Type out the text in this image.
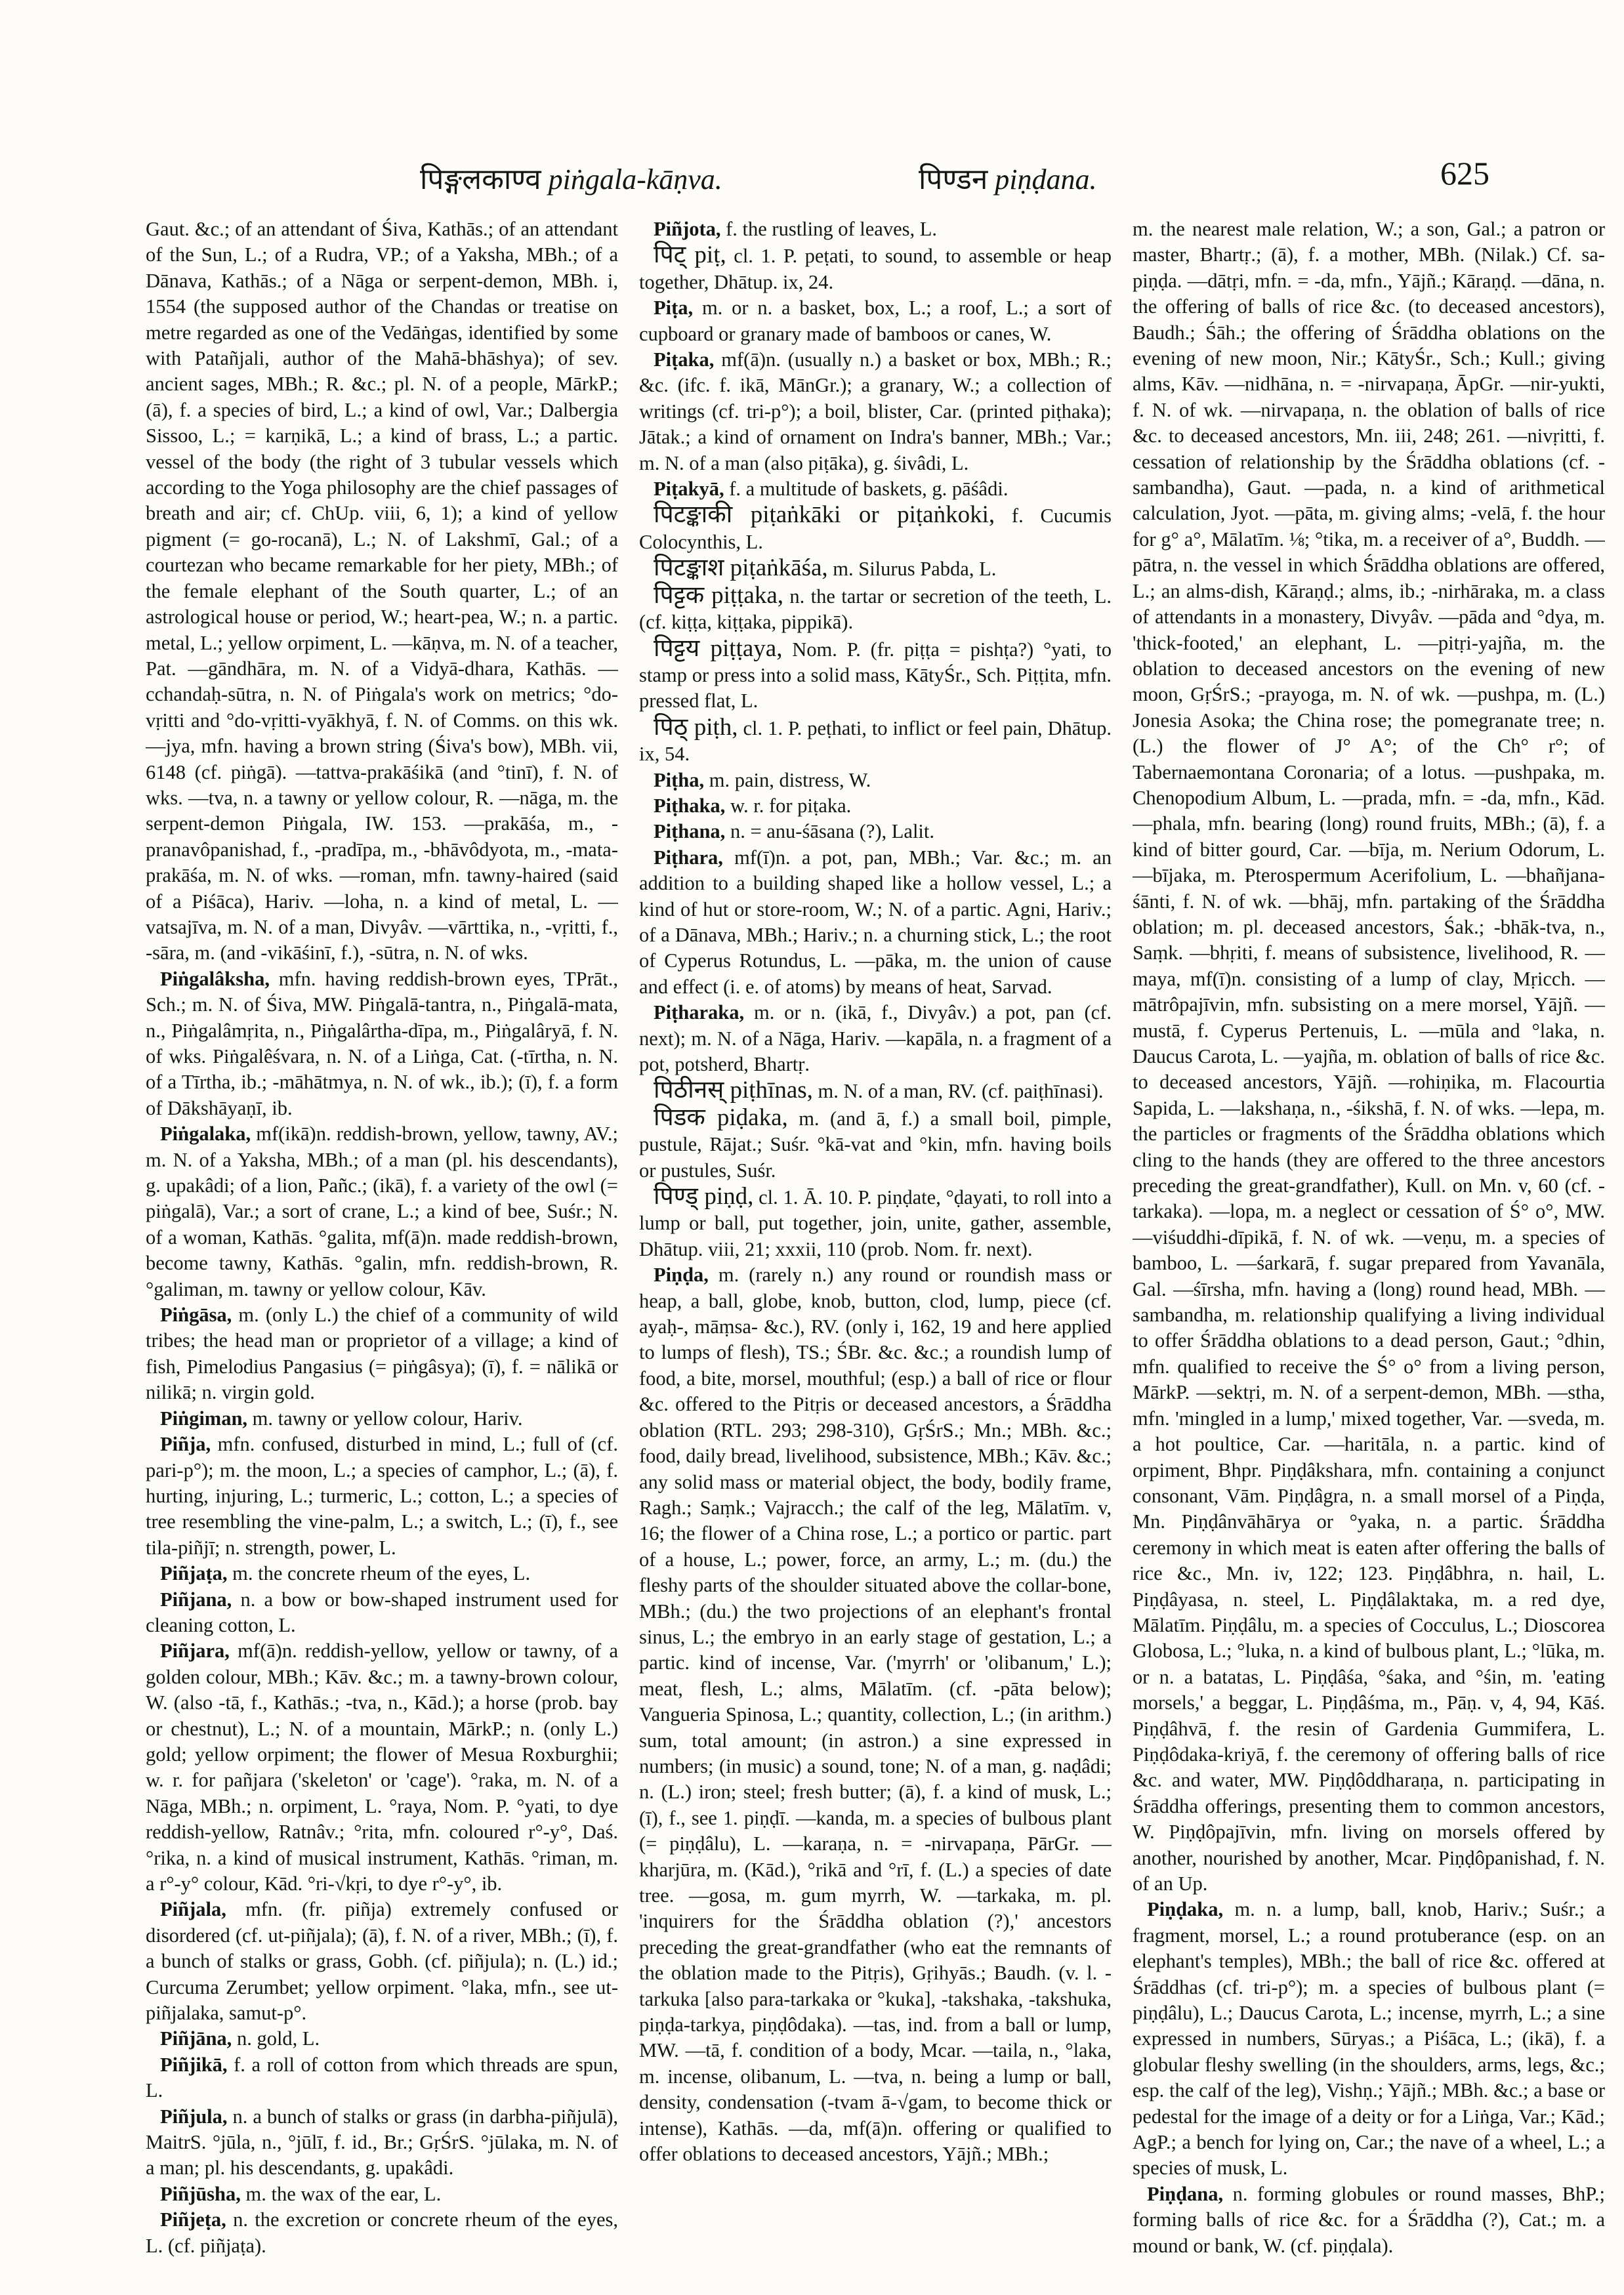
पिङ्गलकाण्व piṅgala-kāṇva.	पिण्डन piṇḍana.	625

Gaut. &c.; of an attendant of Śiva, Kathās.; of an attendant of the Sun, L.; of a Rudra, VP.; of a Yaksha, MBh.; of a Dānava, Kathās.; of a Nāga or serpent-demon, MBh. i, 1554 (the supposed author of the Chandas or treatise on metre regarded as one of the Vedāṅgas, identified by some with Patañjali, author of the Mahā-bhāshya); of sev. ancient sages, MBh.; R. &c.; pl. N. of a people, MārkP.; (ā), f. a species of bird, L.; a kind of owl, Var.; Dalbergia Sissoo, L.; = karṇikā, L.; a kind of brass, L.; a partic. vessel of the body (the right of 3 tubular vessels which according to the Yoga philosophy are the chief passages of breath and air; cf. ChUp. viii, 6, 1); a kind of yellow pigment (= go-rocanā), L.; N. of Lakshmī, Gal.; of a courtezan who became remarkable for her piety, MBh.; of the female elephant of the South quarter, L.; of an astrological house or period, W.; heart-pea, W.; n. a partic. metal, L.; yellow orpiment, L. —kāṇva, m. N. of a teacher, Pat. —gāndhāra, m. N. of a Vidyā-dhara, Kathās. —cchandaḥ-sūtra, n. N. of Piṅgala's work on metrics; °do-vṛitti and °do-vṛitti-vyākhyā, f. N. of Comms. on this wk. —jya, mfn. having a brown string (Śiva's bow), MBh. vii, 6148 (cf. piṅgā). —tattva-prakāśikā (and °tinī), f. N. of wks. —tva, n. a tawny or yellow colour, R. —nāga, m. the serpent-demon Piṅgala, IW. 153. —prakāśa, m., -pranavôpanishad, f., -pradīpa, m., -bhāvôdyota, m., -mata-prakāśa, m. N. of wks. —roman, mfn. tawny-haired (said of a Piśāca), Hariv. —loha, n. a kind of metal, L. —vatsajīva, m. N. of a man, Divyâv. —vārttika, n., -vṛitti, f., -sāra, m. (and -vikāśinī, f.), -sūtra, n. N. of wks.

Piṅgalâksha, mfn. having reddish-brown eyes, TPrāt., Sch.; m. N. of Śiva, MW. Piṅgalā-tantra, n., Piṅgalā-mata, n., Piṅgalâmṛita, n., Piṅgalârtha-dīpa, m., Piṅgalâryā, f. N. of wks. Piṅgalêśvara, n. N. of a Liṅga, Cat. (-tīrtha, n. N. of a Tīrtha, ib.; -māhātmya, n. N. of wk., ib.); (ī), f. a form of Dākshāyaṇī, ib.

Piṅgalaka, mf(ikā)n. reddish-brown, yellow, tawny, AV.; m. N. of a Yaksha, MBh.; of a man (pl. his descendants), g. upakâdi; of a lion, Pañc.; (ikā), f. a variety of the owl (= piṅgalā), Var.; a sort of crane, L.; a kind of bee, Suśr.; N. of a woman, Kathās. °galita, mf(ā)n. made reddish-brown, become tawny, Kathās. °galin, mfn. reddish-brown, R. °galiman, m. tawny or yellow colour, Kāv.

Piṅgāsa, m. (only L.) the chief of a community of wild tribes; the head man or proprietor of a village; a kind of fish, Pimelodius Pangasius (= piṅgâsya); (ī), f. = nālikā or nilikā; n. virgin gold.

Piṅgiman, m. tawny or yellow colour, Hariv.

Piñja, mfn. confused, disturbed in mind, L.; full of (cf. pari-p°); m. the moon, L.; a species of camphor, L.; (ā), f. hurting, injuring, L.; turmeric, L.; cotton, L.; a species of tree resembling the vine-palm, L.; a switch, L.; (ī), f., see tila-piñjī; n. strength, power, L.

Piñjaṭa, m. the concrete rheum of the eyes, L.

Piñjana, n. a bow or bow-shaped instrument used for cleaning cotton, L.

Piñjara, mf(ā)n. reddish-yellow, yellow or tawny, of a golden colour, MBh.; Kāv. &c.; m. a tawny-brown colour, W. (also -tā, f., Kathās.; -tva, n., Kād.); a horse (prob. bay or chestnut), L.; N. of a mountain, MārkP.; n. (only L.) gold; yellow orpiment; the flower of Mesua Roxburghii; w. r. for pañjara ('skeleton' or 'cage'). °raka, m. N. of a Nāga, MBh.; n. orpiment, L. °raya, Nom. P. °yati, to dye reddish-yellow, Ratnâv.; °rita, mfn. coloured r°-y°, Daś. °rika, n. a kind of musical instrument, Kathās. °riman, m. a r°-y° colour, Kād. °ri-√kṛi, to dye r°-y°, ib.

Piñjala, mfn. (fr. piñja) extremely confused or disordered (cf. ut-piñjala); (ā), f. N. of a river, MBh.; (ī), f. a bunch of stalks or grass, Gobh. (cf. piñjula); n. (L.) id.; Curcuma Zerumbet; yellow orpiment. °laka, mfn., see ut-piñjalaka, samut-p°.

Piñjāna, n. gold, L.

Piñjikā, f. a roll of cotton from which threads are spun, L.

Piñjula, n. a bunch of stalks or grass (in darbha-piñjulā), MaitrS. °jūla, n., °jūlī, f. id., Br.; GṛŚrS. °jūlaka, m. N. of a man; pl. his descendants, g. upakâdi.

Piñjūsha, m. the wax of the ear, L.

Piñjeṭa, n. the excretion or concrete rheum of the eyes, L. (cf. piñjaṭa).

Piñjota, f. the rustling of leaves, L.

पिट् piṭ, cl. 1. P. peṭati, to sound, to assemble or heap together, Dhātup. ix, 24.

Piṭa, m. or n. a basket, box, L.; a roof, L.; a sort of cupboard or granary made of bamboos or canes, W.

Piṭaka, mf(ā)n. (usually n.) a basket or box, MBh.; R.; &c. (ifc. f. ikā, MānGr.); a granary, W.; a collection of writings (cf. tri-p°); a boil, blister, Car. (printed piṭhaka); Jātak.; a kind of ornament on Indra's banner, MBh.; Var.; m. N. of a man (also piṭāka), g. śivâdi, L.

Piṭakyā, f. a multitude of baskets, g. pāśâdi.

पिटङ्काकी piṭaṅkāki or piṭaṅkoki, f. Cucumis Colocynthis, L.

पिटङ्काश piṭaṅkāśa, m. Silurus Pabda, L.

पिट्टक piṭṭaka, n. the tartar or secretion of the teeth, L. (cf. kiṭṭa, kiṭṭaka, pippikā).

पिट्टय piṭṭaya, Nom. P. (fr. piṭṭa = pishṭa?) °yati, to stamp or press into a solid mass, KātyŚr., Sch. Piṭṭita, mfn. pressed flat, L.

पिठ् piṭh, cl. 1. P. peṭhati, to inflict or feel pain, Dhātup. ix, 54.

Piṭha, m. pain, distress, W.

Piṭhaka, w. r. for piṭaka.

Piṭhana, n. = anu-śāsana (?), Lalit.

Piṭhara, mf(ī)n. a pot, pan, MBh.; Var. &c.; m. an addition to a building shaped like a hollow vessel, L.; a kind of hut or store-room, W.; N. of a partic. Agni, Hariv.; of a Dānava, MBh.; Hariv.; n. a churning stick, L.; the root of Cyperus Rotundus, L. —pāka, m. the union of cause and effect (i. e. of atoms) by means of heat, Sarvad.

Piṭharaka, m. or n. (ikā, f., Divyâv.) a pot, pan (cf. next); m. N. of a Nāga, Hariv. —kapāla, n. a fragment of a pot, potsherd, Bhartṛ.

पिठीनस् piṭhīnas, m. N. of a man, RV. (cf. paiṭhīnasi).

पिडक piḍaka, m. (and ā, f.) a small boil, pimple, pustule, Rājat.; Suśr. °kā-vat and °kin, mfn. having boils or pustules, Suśr.

पिण्ड् piṇḍ, cl. 1. Ā. 10. P. piṇḍate, °ḍayati, to roll into a lump or ball, put together, join, unite, gather, assemble, Dhātup. viii, 21; xxxii, 110 (prob. Nom. fr. next).

Piṇḍa, m. (rarely n.) any round or roundish mass or heap, a ball, globe, knob, button, clod, lump, piece (cf. ayaḥ-, māṃsa- &c.), RV. (only i, 162, 19 and here applied to lumps of flesh), TS.; ŚBr. &c. &c.; a roundish lump of food, a bite, morsel, mouthful; (esp.) a ball of rice or flour &c. offered to the Pitṛis or deceased ancestors, a Śrāddha oblation (RTL. 293; 298-310), GṛŚrS.; Mn.; MBh. &c.; food, daily bread, livelihood, subsistence, MBh.; Kāv. &c.; any solid mass or material object, the body, bodily frame, Ragh.; Saṃk.; Vajracch.; the calf of the leg, Mālatīm. v, 16; the flower of a China rose, L.; a portico or partic. part of a house, L.; power, force, an army, L.; m. (du.) the fleshy parts of the shoulder situated above the collar-bone, MBh.; (du.) the two projections of an elephant's frontal sinus, L.; the embryo in an early stage of gestation, L.; a partic. kind of incense, Var. ('myrrh' or 'olibanum,' L.); meat, flesh, L.; alms, Mālatīm. (cf. -pāta below); Vangueria Spinosa, L.; quantity, collection, L.; (in arithm.) sum, total amount; (in astron.) a sine expressed in numbers; (in music) a sound, tone; N. of a man, g. naḍâdi; n. (L.) iron; steel; fresh butter; (ā), f. a kind of musk, L.; (ī), f., see 1. piṇḍī. —kanda, m. a species of bulbous plant (= piṇḍâlu), L. —karaṇa, n. = -nirvapaṇa, PārGr. —kharjūra, m. (Kād.), °rikā and °rī, f. (L.) a species of date tree. —gosa, m. gum myrrh, W. —tarkaka, m. pl. 'inquirers for the Śrāddha oblation (?),' ancestors preceding the great-grandfather (who eat the remnants of the oblation made to the Pitṛis), Gṛihyās.; Baudh. (v. l. -tarkuka [also para-tarkaka or °kuka], -takshaka, -takshuka, piṇḍa-tarkya, piṇḍôdaka). —tas, ind. from a ball or lump, MW. —tā, f. condition of a body, Mcar. —taila, n., °laka, m. incense, olibanum, L. —tva, n. being a lump or ball, density, condensation (-tvam ā-√gam, to become thick or intense), Kathās. —da, mf(ā)n. offering or qualified to offer oblations to deceased ancestors, Yājñ.; MBh.;

m. the nearest male relation, W.; a son, Gal.; a patron or master, Bhartṛ.; (ā), f. a mother, MBh. (Nilak.) Cf. sa-piṇḍa. —dātṛi, mfn. = -da, mfn., Yājñ.; Kāraṇḍ. —dāna, n. the offering of balls of rice &c. (to deceased ancestors), Baudh.; Śāh.; the offering of Śrāddha oblations on the evening of new moon, Nir.; KātyŚr., Sch.; Kull.; giving alms, Kāv. —nidhāna, n. = -nirvapaṇa, ĀpGr. —nir-yukti, f. N. of wk. —nirvapaṇa, n. the oblation of balls of rice &c. to deceased ancestors, Mn. iii, 248; 261. —nivṛitti, f. cessation of relationship by the Śrāddha oblations (cf. -sambandha), Gaut. —pada, n. a kind of arithmetical calculation, Jyot. —pāta, m. giving alms; -velā, f. the hour for g° a°, Mālatīm. ⅛; °tika, m. a receiver of a°, Buddh. —pātra, n. the vessel in which Śrāddha oblations are offered, L.; an alms-dish, Kāraṇḍ.; alms, ib.; -nirhāraka, m. a class of attendants in a monastery, Divyâv. —pāda and °dya, m. 'thick-footed,' an elephant, L. —pitṛi-yajña, m. the oblation to deceased ancestors on the evening of new moon, GṛŚrS.; -prayoga, m. N. of wk. —pushpa, m. (L.) Jonesia Asoka; the China rose; the pomegranate tree; n. (L.) the flower of J° A°; of the Ch° r°; of Tabernaemontana Coronaria; of a lotus. —pushpaka, m. Chenopodium Album, L. —prada, mfn. = -da, mfn., Kād. —phala, mfn. bearing (long) round fruits, MBh.; (ā), f. a kind of bitter gourd, Car. —bīja, m. Nerium Odorum, L. —bījaka, m. Pterospermum Acerifolium, L. —bhañjana-śānti, f. N. of wk. —bhāj, mfn. partaking of the Śrāddha oblation; m. pl. deceased ancestors, Śak.; -bhāk-tva, n., Saṃk. —bhṛiti, f. means of subsistence, livelihood, R. —maya, mf(ī)n. consisting of a lump of clay, Mṛicch. —mātrôpajīvin, mfn. subsisting on a mere morsel, Yājñ. —mustā, f. Cyperus Pertenuis, L. —mūla and °laka, n. Daucus Carota, L. —yajña, m. oblation of balls of rice &c. to deceased ancestors, Yājñ. —rohiṇika, m. Flacourtia Sapida, L. —lakshaṇa, n., -śikshā, f. N. of wks. —lepa, m. the particles or fragments of the Śrāddha oblations which cling to the hands (they are offered to the three ancestors preceding the great-grandfather), Kull. on Mn. v, 60 (cf. -tarkaka). —lopa, m. a neglect or cessation of Ś° o°, MW. —viśuddhi-dīpikā, f. N. of wk. —veṇu, m. a species of bamboo, L. —śarkarā, f. sugar prepared from Yavanāla, Gal. —śīrsha, mfn. having a (long) round head, MBh. —sambandha, m. relationship qualifying a living individual to offer Śrāddha oblations to a dead person, Gaut.; °dhin, mfn. qualified to receive the Ś° o° from a living person, MārkP. —sektṛi, m. N. of a serpent-demon, MBh. —stha, mfn. 'mingled in a lump,' mixed together, Var. —sveda, m. a hot poultice, Car. —haritāla, n. a partic. kind of orpiment, Bhpr. Piṇḍâkshara, mfn. containing a conjunct consonant, Vām. Piṇḍâgra, n. a small morsel of a Piṇḍa, Mn. Piṇḍânvāhārya or °yaka, n. a partic. Śrāddha ceremony in which meat is eaten after offering the balls of rice &c., Mn. iv, 122; 123. Piṇḍâbhra, n. hail, L. Piṇḍâyasa, n. steel, L. Piṇḍâlaktaka, m. a red dye, Mālatīm. Piṇḍâlu, m. a species of Cocculus, L.; Dioscorea Globosa, L.; °luka, n. a kind of bulbous plant, L.; °lūka, m. or n. a batatas, L. Piṇḍâśa, °śaka, and °śin, m. 'eating morsels,' a beggar, L. Piṇḍâśma, m., Pāṇ. v, 4, 94, Kāś. Piṇḍâhvā, f. the resin of Gardenia Gummifera, L. Piṇḍôdaka-kriyā, f. the ceremony of offering balls of rice &c. and water, MW. Piṇḍôddharaṇa, n. participating in Śrāddha offerings, presenting them to common ancestors, W. Piṇḍôpajīvin, mfn. living on morsels offered by another, nourished by another, Mcar. Piṇḍôpanishad, f. N. of an Up.

Piṇḍaka, m. n. a lump, ball, knob, Hariv.; Suśr.; a fragment, morsel, L.; a round protuberance (esp. on an elephant's temples), MBh.; the ball of rice &c. offered at Śrāddhas (cf. tri-p°); m. a species of bulbous plant (= piṇḍâlu), L.; Daucus Carota, L.; incense, myrrh, L.; a sine expressed in numbers, Sūryas.; a Piśāca, L.; (ikā), f. a globular fleshy swelling (in the shoulders, arms, legs, &c.; esp. the calf of the leg), Vishṇ.; Yājñ.; MBh. &c.; a base or pedestal for the image of a deity or for a Liṅga, Var.; Kād.; AgP.; a bench for lying on, Car.; the nave of a wheel, L.; a species of musk, L.

Piṇḍana, n. forming globules or round masses, BhP.; forming balls of rice &c. for a Śrāddha (?), Cat.; m. a mound or bank, W. (cf. piṇḍala).
